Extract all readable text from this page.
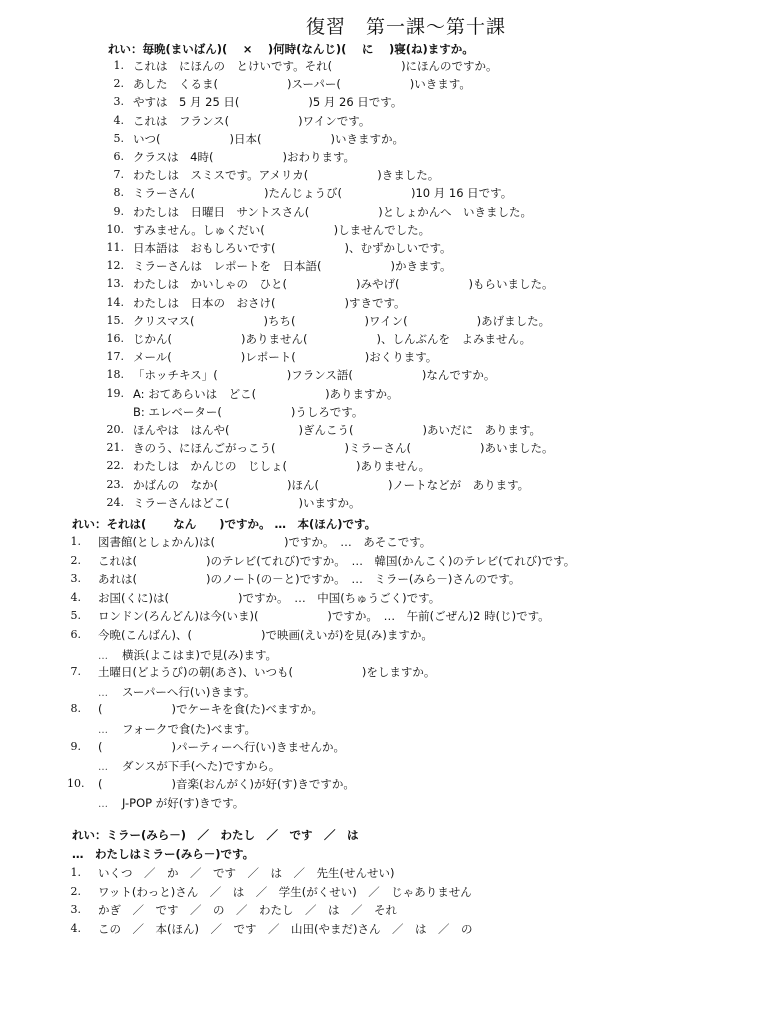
復習　第一課～第十課
れい：毎晩(まいばん)(　 ×　 )何時(なんじ)(　 に　 )寝(ね)ますか。
1. これは　にほんの　とけいです。それ(　　　　　　)にほんのですか。
2. あした　くるま(　　　　　　)スーパー(　　　　　　)いきます。
3. やすは　5 月 25 日(　　　　　　)5 月 26 日です。
4. これは　フランス(　　　　　　)ワインです。
5. いつ(　　　　　　)日本(　　　　　　)いきますか。
6. クラスは　4時(　　　　　　)おわります。
7. わたしは　スミスです。アメリカ(　　　　　　)きました。
8. ミラーさん(　　　　　　)たんじょうび(　　　　　　)10 月 16 日です。
9. わたしは　日曜日　サントスさん(　　　　　　)としょかんへ　いきました。
10. すみません。しゅくだい(　　　　　　)しませんでした。
11. 日本語は　おもしろいです(　　　　　　)、むずかしいです。
12. ミラーさんは　レポートを　日本語(　　　　　　)かきます。
13. わたしは　かいしゃの　ひと(　　　　　　)みやげ(　　　　　　)もらいました。
14. わたしは　日本の　おさけ(　　　　　　)すきです。
15. クリスマス(　　　　　　)ちち(　　　　　　)ワイン(　　　　　　)あげました。
16. じかん(　　　　　　)ありません(　　　　　　)、しんぶんを　よみません。
17. メール(　　　　　　)レポート(　　　　　　)おくります。
18. 「ホッチキス」(　　　　　　)フランス語(　　　　　　)なんですか。
19. A: おてあらいは　どこ(　　　　　　)ありますか。
B: エレベーター(　　　　　　)うしろです。
20. ほんやは　はんや(　　　　　　)ぎんこう(　　　　　　)あいだに　あります。
21. きのう、にほんごがっこう(　　　　　　)ミラーさん(　　　　　　)あいました。
22. わたしは　かんじの　じしょ(　　　　　　)ありません。
23. かばんの　なか(　　　　　　)ほん(　　　　　　)ノートなどが　あります。
24. ミラーさんはどこ(　　　　　　)いますか。
れい：それは(　　 なん　　)ですか。 …　本(ほん)です。
1. 図書館(としょかん)は(　　　　　　)ですか。　…　あそこです。
2. これは(　　　　　　)のテレビ(てれび)ですか。　…　韓国(かんこく)のテレビ(てれび)です。
3. あれは(　　　　　　)のノート(の－と)ですか。　…　ミラー(みら－)さんのです。
4. お国(くに)は(　　　　　　)ですか。　…　中国(ちゅうごく)です。
5. ロンドン(ろんどん)は今(いま)(　　　　　　)ですか。　…　午前(ごぜん)2 時(じ)です。
6. 今晩(こんばん)、(　　　　　　)で映画(えいが)を見(み)ますか。
… 横浜(よこはま)で見(み)ます。
7. 土曜日(どようび)の朝(あさ)、いつも(　　　　　　)をしますか。
… スーパーへ行(い)きます。
8. (　　　　　　)でケーキを食(た)べますか。
… フォークで食(た)べます。
9. (　　　　　　)パーティーへ行(い)きませんか。
… ダンスが下手(へた)ですから。
10. (　　　　　　)音楽(おんがく)が好(す)きですか。
… J-POP が好(す)きです。
れい：ミラー(みら－)　／　わたし　／　です　／　は
…　わたしはミラー(みら－)です。
1. いくつ　／　か　／　です　／　は　／　先生(せんせい)
2. ワット(わっと)さん　／　は　／　学生(がくせい)　／　じゃありません
3. かぎ　／　です　／　の　／　わたし　／　は　／　それ
4. この　／　本(ほん)　／　です　／　山田(やまだ)さん　／　は　／　の
